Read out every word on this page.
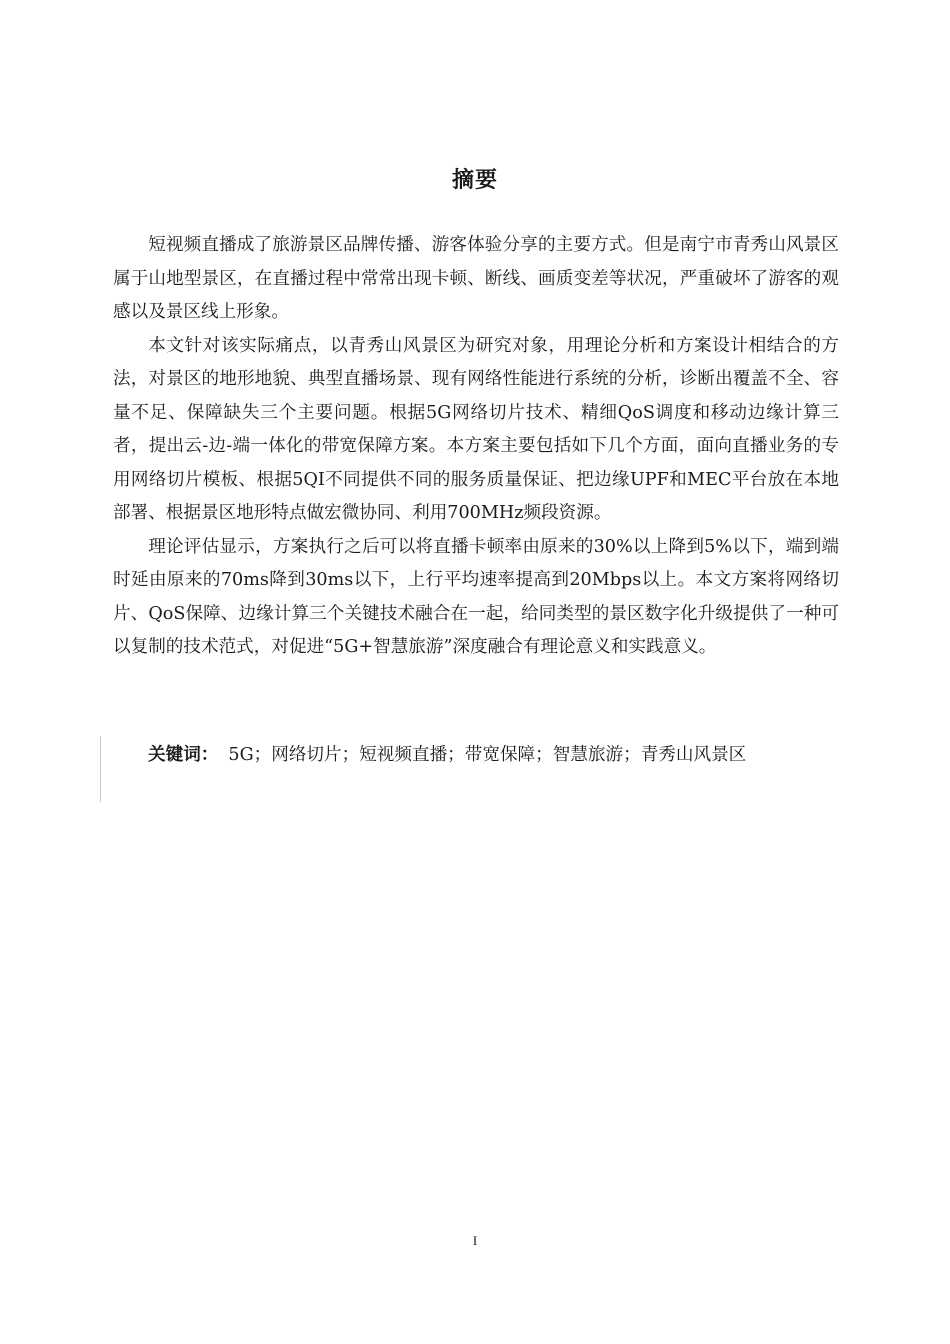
摘要

短视频直播成了旅游景区品牌传播、游客体验分享的主要方式。但是南宁市青秀山风景区属于山地型景区，在直播过程中常常出现卡顿、断线、画质变差等状况，严重破坏了游客的观感以及景区线上形象。

本文针对该实际痛点，以青秀山风景区为研究对象，用理论分析和方案设计相结合的方法，对景区的地形地貌、典型直播场景、现有网络性能进行系统的分析，诊断出覆盖不全、容量不足、保障缺失三个主要问题。根据5G网络切片技术、精细QoS调度和移动边缘计算三者，提出云-边-端一体化的带宽保障方案。本方案主要包括如下几个方面，面向直播业务的专用网络切片模板、根据5QI不同提供不同的服务质量保证、把边缘UPF和MEC平台放在本地部署、根据景区地形特点做宏微协同、利用700MHz频段资源。

理论评估显示，方案执行之后可以将直播卡顿率由原来的30%以上降到5%以下，端到端时延由原来的70ms降到30ms以下，上行平均速率提高到20Mbps以上。本文方案将网络切片、QoS保障、边缘计算三个关键技术融合在一起，给同类型的景区数字化升级提供了一种可以复制的技术范式，对促进“5G+智慧旅游”深度融合有理论意义和实践意义。

关键词： 5G；网络切片；短视频直播；带宽保障；智慧旅游；青秀山风景区
I
